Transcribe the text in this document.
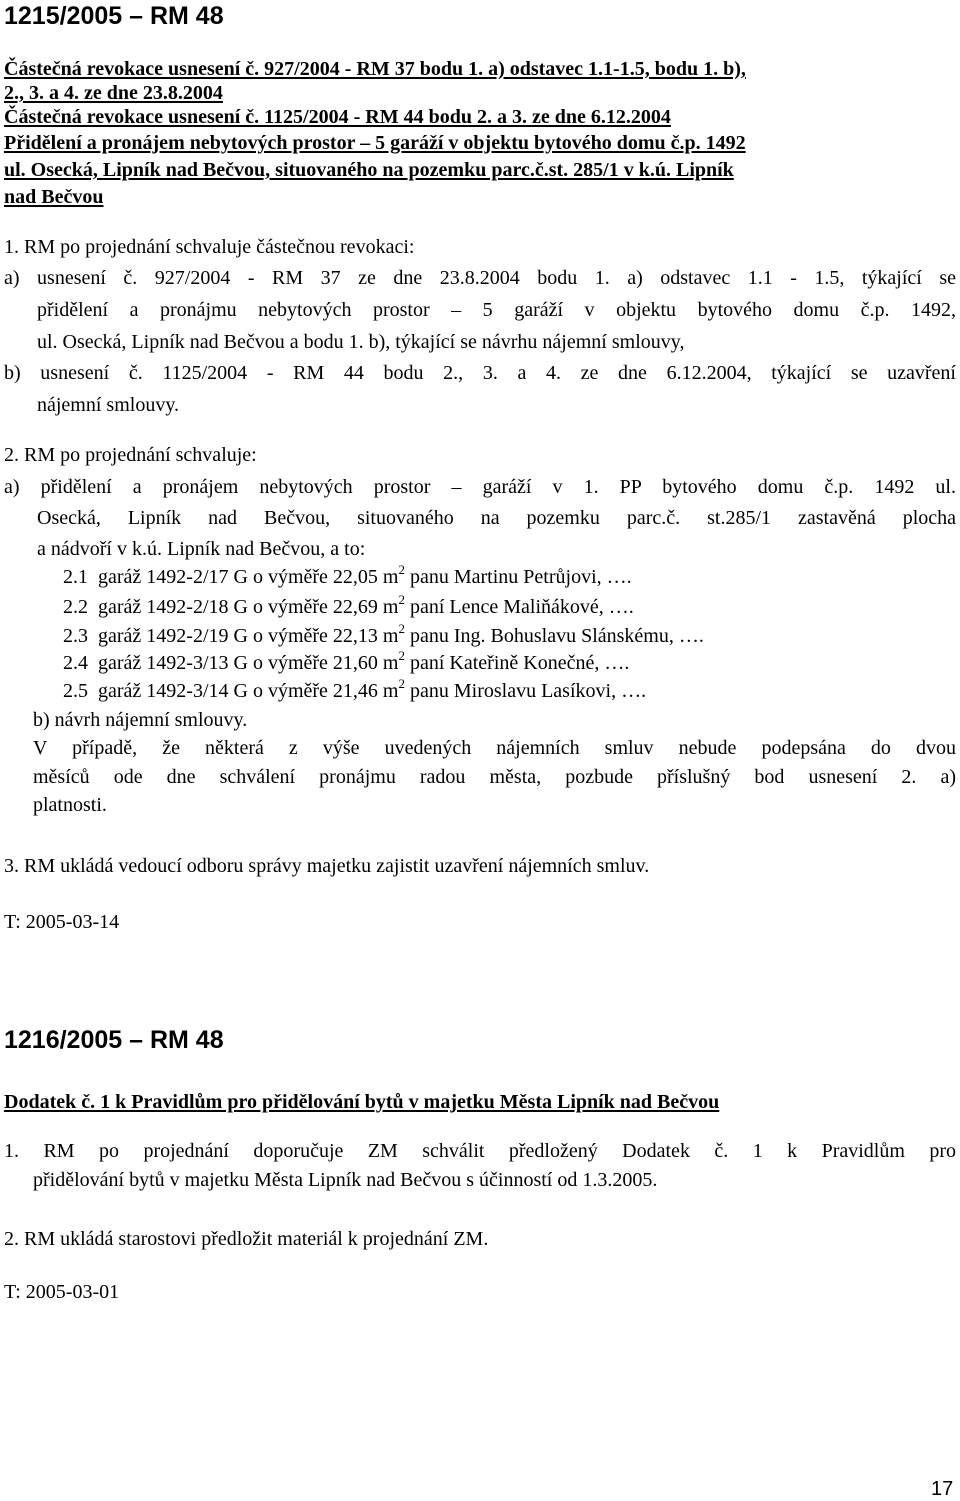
1215/2005 – RM 48
Částečná revokace usnesení č. 927/2004 - RM 37 bodu 1. a) odstavec 1.1-1.5, bodu 1. b),
2., 3. a 4. ze dne 23.8.2004
Částečná revokace usnesení č. 1125/2004 - RM 44 bodu 2. a 3. ze dne 6.12.2004
Přidělení a pronájem nebytových prostor – 5 garáží v objektu bytového domu č.p. 1492
ul. Osecká, Lipník nad Bečvou, situovaného na pozemku parc.č.st. 285/1 v k.ú. Lipník
nad Bečvou
1. RM po projednání schvaluje částečnou revokaci:
a) usnesení č. 927/2004 - RM 37 ze dne 23.8.2004 bodu 1. a) odstavec 1.1 - 1.5, týkající se
přidělení a pronájmu nebytových prostor – 5 garáží v objektu bytového domu č.p. 1492,
ul. Osecká, Lipník nad Bečvou a bodu 1. b), týkající se návrhu nájemní smlouvy,
b) usnesení č. 1125/2004 - RM 44 bodu 2., 3. a 4. ze dne 6.12.2004, týkající se uzavření
nájemní smlouvy.
2. RM po projednání schvaluje:
a) přidělení a pronájem nebytových prostor – garáží v 1. PP bytového domu č.p. 1492 ul.
Osecká, Lipník nad Bečvou, situovaného na pozemku parc.č. st.285/1 zastavěná plocha
a nádvoří v k.ú. Lipník nad Bečvou, a to:
2.1 garáž 1492-2/17 G o výměře 22,05 $m^2$ panu Martinu Petrůjovi, ….
2.2 garáž 1492-2/18 G o výměře 22,69 $m^2$ paní Lence Maliňákové, ….
2.3 garáž 1492-2/19 G o výměře 22,13 $m^2$ panu Ing. Bohuslavu Slánskému, ….
2.4 garáž 1492-3/13 G o výměře 21,60 $m^2$ paní Kateřině Konečné, ….
2.5 garáž 1492-3/14 G o výměře 21,46 $m^2$ panu Miroslavu Lasíkovi, ….
b) návrh nájemní smlouvy.
V případě, že některá z výše uvedených nájemních smluv nebude podepsána do dvou
měsíců ode dne schválení pronájmu radou města, pozbude příslušný bod usnesení 2. a)
platnosti.
3. RM ukládá vedoucí odboru správy majetku zajistit uzavření nájemních smluv.
T: 2005-03-14
1216/2005 – RM 48
Dodatek č. 1 k Pravidlům pro přidělování bytů v majetku Města Lipník nad Bečvou
1. RM po projednání doporučuje ZM schválit předložený Dodatek č. 1 k Pravidlům pro
přidělování bytů v majetku Města Lipník nad Bečvou s účinností od 1.3.2005.
2. RM ukládá starostovi předložit materiál k projednání ZM.
T: 2005-03-01
17
